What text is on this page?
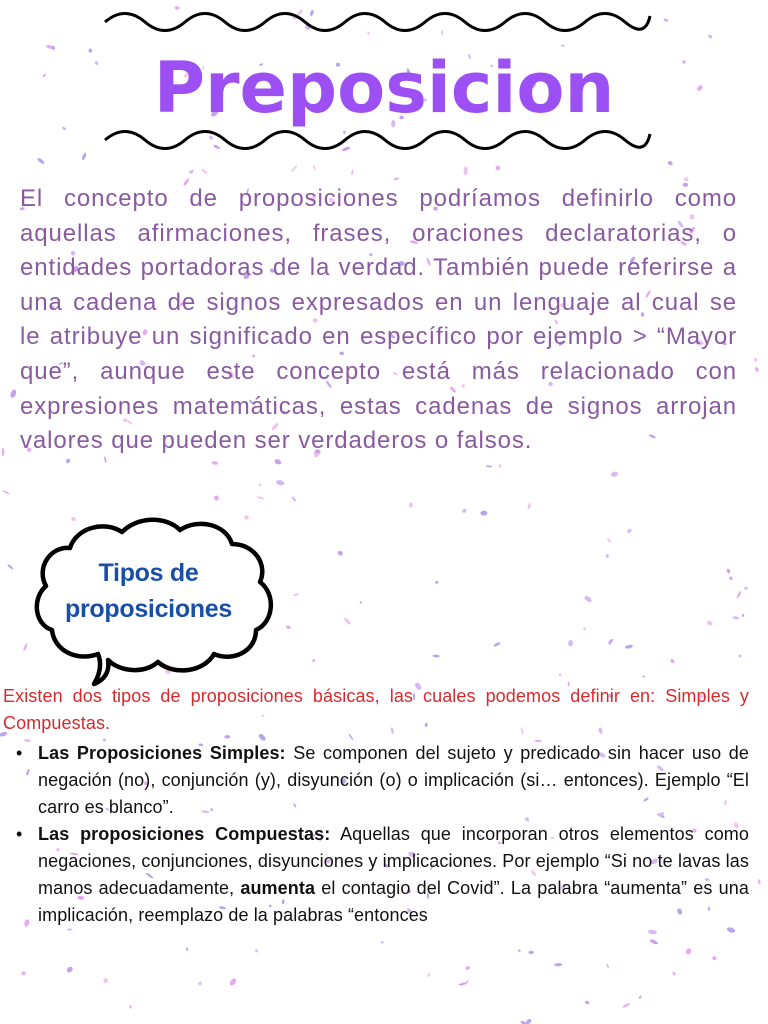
Preposicion

El concepto de proposiciones podríamos definirlo como aquellas afirmaciones, frases, oraciones declaratorias, o entidades portadoras de la verdad. También puede referirse a una cadena de signos expresados en un lenguaje al cual se le atribuye un significado en específico por ejemplo > “Mayor que”, aunque este concepto está más relacionado con expresiones matemáticas, estas cadenas de signos arrojan valores que pueden ser verdaderos o falsos.

Tipos de
proposiciones

Existen dos tipos de proposiciones básicas, las cuales podemos definir en: Simples y Compuestas.

• Las Proposiciones Simples: Se componen del sujeto y predicado sin hacer uso de negación (no), conjunción (y), disyunción (o) o implicación (si… entonces). Ejemplo “El carro es blanco”.
• Las proposiciones Compuestas: Aquellas que incorporan otros elementos como negaciones, conjunciones, disyunciones y implicaciones. Por ejemplo “Si no te lavas las manos adecuadamente, aumenta el contagio del Covid”. La palabra “aumenta” es una implicación, reemplazo de la palabras “entonces
